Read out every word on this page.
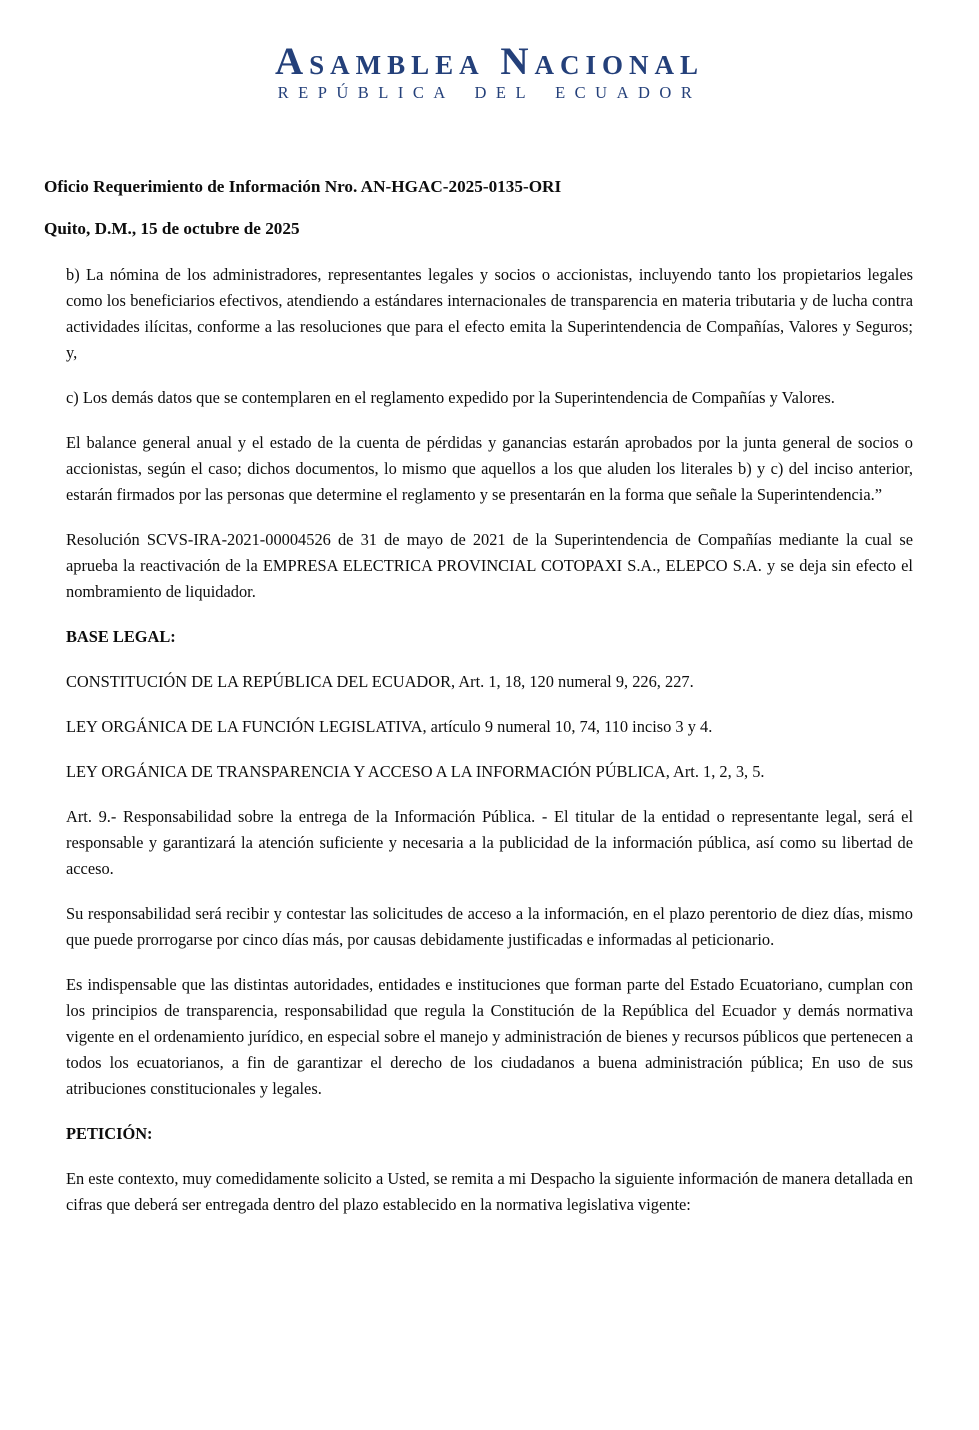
Asamblea Nacional
REPÚBLICA DEL ECUADOR

Oficio Requerimiento de Información Nro. AN-HGAC-2025-0135-ORI

Quito, D.M., 15 de octubre de 2025

b) La nómina de los administradores, representantes legales y socios o accionistas, incluyendo tanto los propietarios legales como los beneficiarios efectivos, atendiendo a estándares internacionales de transparencia en materia tributaria y de lucha contra actividades ilícitas, conforme a las resoluciones que para el efecto emita la Superintendencia de Compañías, Valores y Seguros; y,

c) Los demás datos que se contemplaren en el reglamento expedido por la Superintendencia de Compañías y Valores.

El balance general anual y el estado de la cuenta de pérdidas y ganancias estarán aprobados por la junta general de socios o accionistas, según el caso; dichos documentos, lo mismo que aquellos a los que aluden los literales b) y c) del inciso anterior, estarán firmados por las personas que determine el reglamento y se presentarán en la forma que señale la Superintendencia.”

Resolución SCVS-IRA-2021-00004526 de 31 de mayo de 2021 de la Superintendencia de Compañías mediante la cual se aprueba la reactivación de la EMPRESA ELECTRICA PROVINCIAL COTOPAXI S.A., ELEPCO S.A. y se deja sin efecto el nombramiento de liquidador.

BASE LEGAL:

CONSTITUCIÓN DE LA REPÚBLICA DEL ECUADOR, Art. 1, 18, 120 numeral 9, 226, 227.

LEY ORGÁNICA DE LA FUNCIÓN LEGISLATIVA, artículo 9 numeral 10, 74, 110 inciso 3 y 4.

LEY ORGÁNICA DE TRANSPARENCIA Y ACCESO A LA INFORMACIÓN PÚBLICA, Art. 1, 2, 3, 5.

Art. 9.- Responsabilidad sobre la entrega de la Información Pública. - El titular de la entidad o representante legal, será el responsable y garantizará la atención suficiente y necesaria a la publicidad de la información pública, así como su libertad de acceso.

Su responsabilidad será recibir y contestar las solicitudes de acceso a la información, en el plazo perentorio de diez días, mismo que puede prorrogarse por cinco días más, por causas debidamente justificadas e informadas al peticionario.

Es indispensable que las distintas autoridades, entidades e instituciones que forman parte del Estado Ecuatoriano, cumplan con los principios de transparencia, responsabilidad que regula la Constitución de la República del Ecuador y demás normativa vigente en el ordenamiento jurídico, en especial sobre el manejo y administración de bienes y recursos públicos que pertenecen a todos los ecuatorianos, a fin de garantizar el derecho de los ciudadanos a buena administración pública; En uso de sus atribuciones constitucionales y legales.

PETICIÓN:

En este contexto, muy comedidamente solicito a Usted, se remita a mi Despacho la siguiente información de manera detallada en cifras que deberá ser entregada dentro del plazo establecido en la normativa legislativa vigente:
